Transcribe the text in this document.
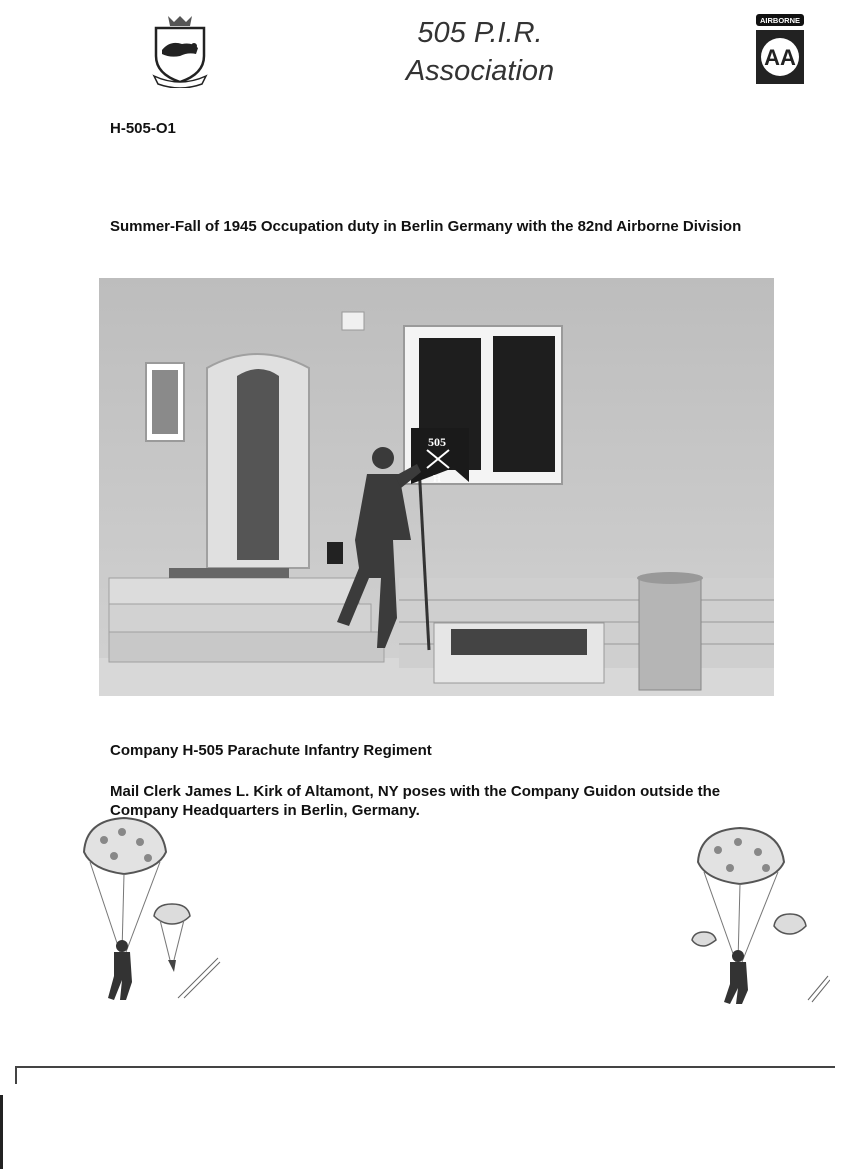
505 P.I.R.
Association
AIRBORNE
AA
H-505-O1
Summer-Fall of 1945 Occupation duty in Berlin Germany with the 82nd Airborne Division
505
H
Company H-505 Parachute Infantry Regiment
Mail Clerk James L. Kirk of Altamont, NY poses with the Company Guidon outside the Company Headquarters in Berlin, Germany.
